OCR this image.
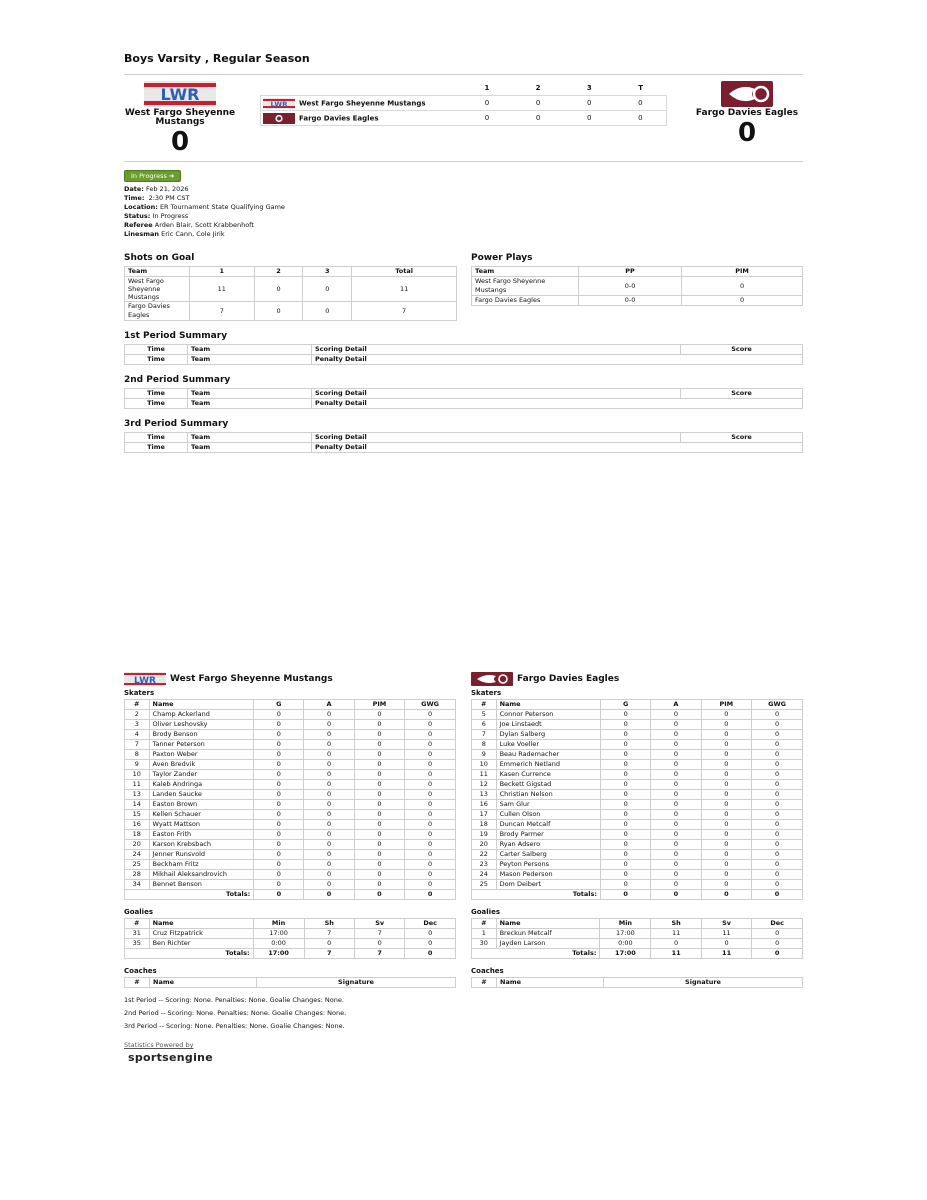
Boys Varsity , Regular Season
LWR
West Fargo Sheyenne Mustangs
0
	1	2	3	T

LWR West Fargo Sheyenne Mustangs	0	0	0	0
Fargo Davies Eagles	0	0	0	0	Fargo Davies Eagles
0
In Progress ➜
Date: Feb 21, 2026
Time: 2:30 PM CST
Location: ER Tournament State Qualifying Game
Status: In Progress
Referee Arden Blair, Scott Krabbenhoft
Linesman Eric Cann, Cole Jirik
Shots on Goal
Team	1	2	3	Total
West Fargo Sheyenne Mustangs	11	0	0	11
Fargo Davies Eagles	7	0	0	7
Power Plays
Team	PP	PIM
West Fargo Sheyenne Mustangs	0-0	0
Fargo Davies Eagles	0-0	0
1st Period Summary
Time	Team	Scoring Detail	Score
Time	Team	Penalty Detail	
2nd Period Summary
Time	Team	Scoring Detail	Score
Time	Team	Penalty Detail	
3rd Period Summary
Time	Team	Scoring Detail	Score
Time	Team	Penalty Detail	
LWR West Fargo Sheyenne Mustangs
Skaters
#	Name	G	A	PIM	GWG
2	Champ Ackerland	0	0	0	0
3	Oliver Leshovsky	0	0	0	0
4	Brody Benson	0	0	0	0
7	Tanner Peterson	0	0	0	0
8	Paxton Weber	0	0	0	0
9	Aven Bredvik	0	0	0	0
10	Taylor Zander	0	0	0	0
11	Kaleb Andringa	0	0	0	0
13	Landen Saucke	0	0	0	0
14	Easton Brown	0	0	0	0
15	Kellen Schauer	0	0	0	0
16	Wyatt Mattson	0	0	0	0
18	Easton Frith	0	0	0	0
20	Karson Krebsbach	0	0	0	0
24	Jenner Runsvold	0	0	0	0
25	Beckham Fritz	0	0	0	0
28	Mikhail Aleksandrovich	0	0	0	0
34	Bennet Benson	0	0	0	0
Totals:		0	0	0	0
Goalies
#	Name	Min	Sh	Sv	Dec
31	Cruz Fitzpatrick	17:00	7	7	0
35	Ben Richter	0:00	0	0	0
Totals:		17:00	7	7	0
Coaches
#	Name	Signature
Fargo Davies Eagles
Skaters
#	Name	G	A	PIM	GWG
5	Connor Peterson	0	0	0	0
6	Joe Linstaedt	0	0	0	0
7	Dylan Salberg	0	0	0	0
8	Luke Voeller	0	0	0	0
9	Beau Rademacher	0	0	0	0
10	Emmerich Netland	0	0	0	0
11	Kasen Currence	0	0	0	0
12	Beckett Gigstad	0	0	0	0
13	Christian Nelson	0	0	0	0
16	Sam Glur	0	0	0	0
17	Cullen Olson	0	0	0	0
18	Duncan Metcalf	0	0	0	0
19	Brody Parmer	0	0	0	0
20	Ryan Adsero	0	0	0	0
22	Carter Salberg	0	0	0	0
23	Peyton Persons	0	0	0	0
24	Mason Pederson	0	0	0	0
25	Dom Deibert	0	0	0	0
Totals:		0	0	0	0
Goalies
#	Name	Min	Sh	Sv	Dec
1	Breckun Metcalf	17:00	11	11	0
30	Jayden Larson	0:00	0	0	0
Totals:		17:00	11	11	0
Coaches
#	Name	Signature
1st Period -- Scoring: None. Penalties: None. Goalie Changes: None.
2nd Period -- Scoring: None. Penalties: None. Goalie Changes: None.
3rd Period -- Scoring: None. Penalties: None. Goalie Changes: None.
Statistics Powered by
sportsengine
